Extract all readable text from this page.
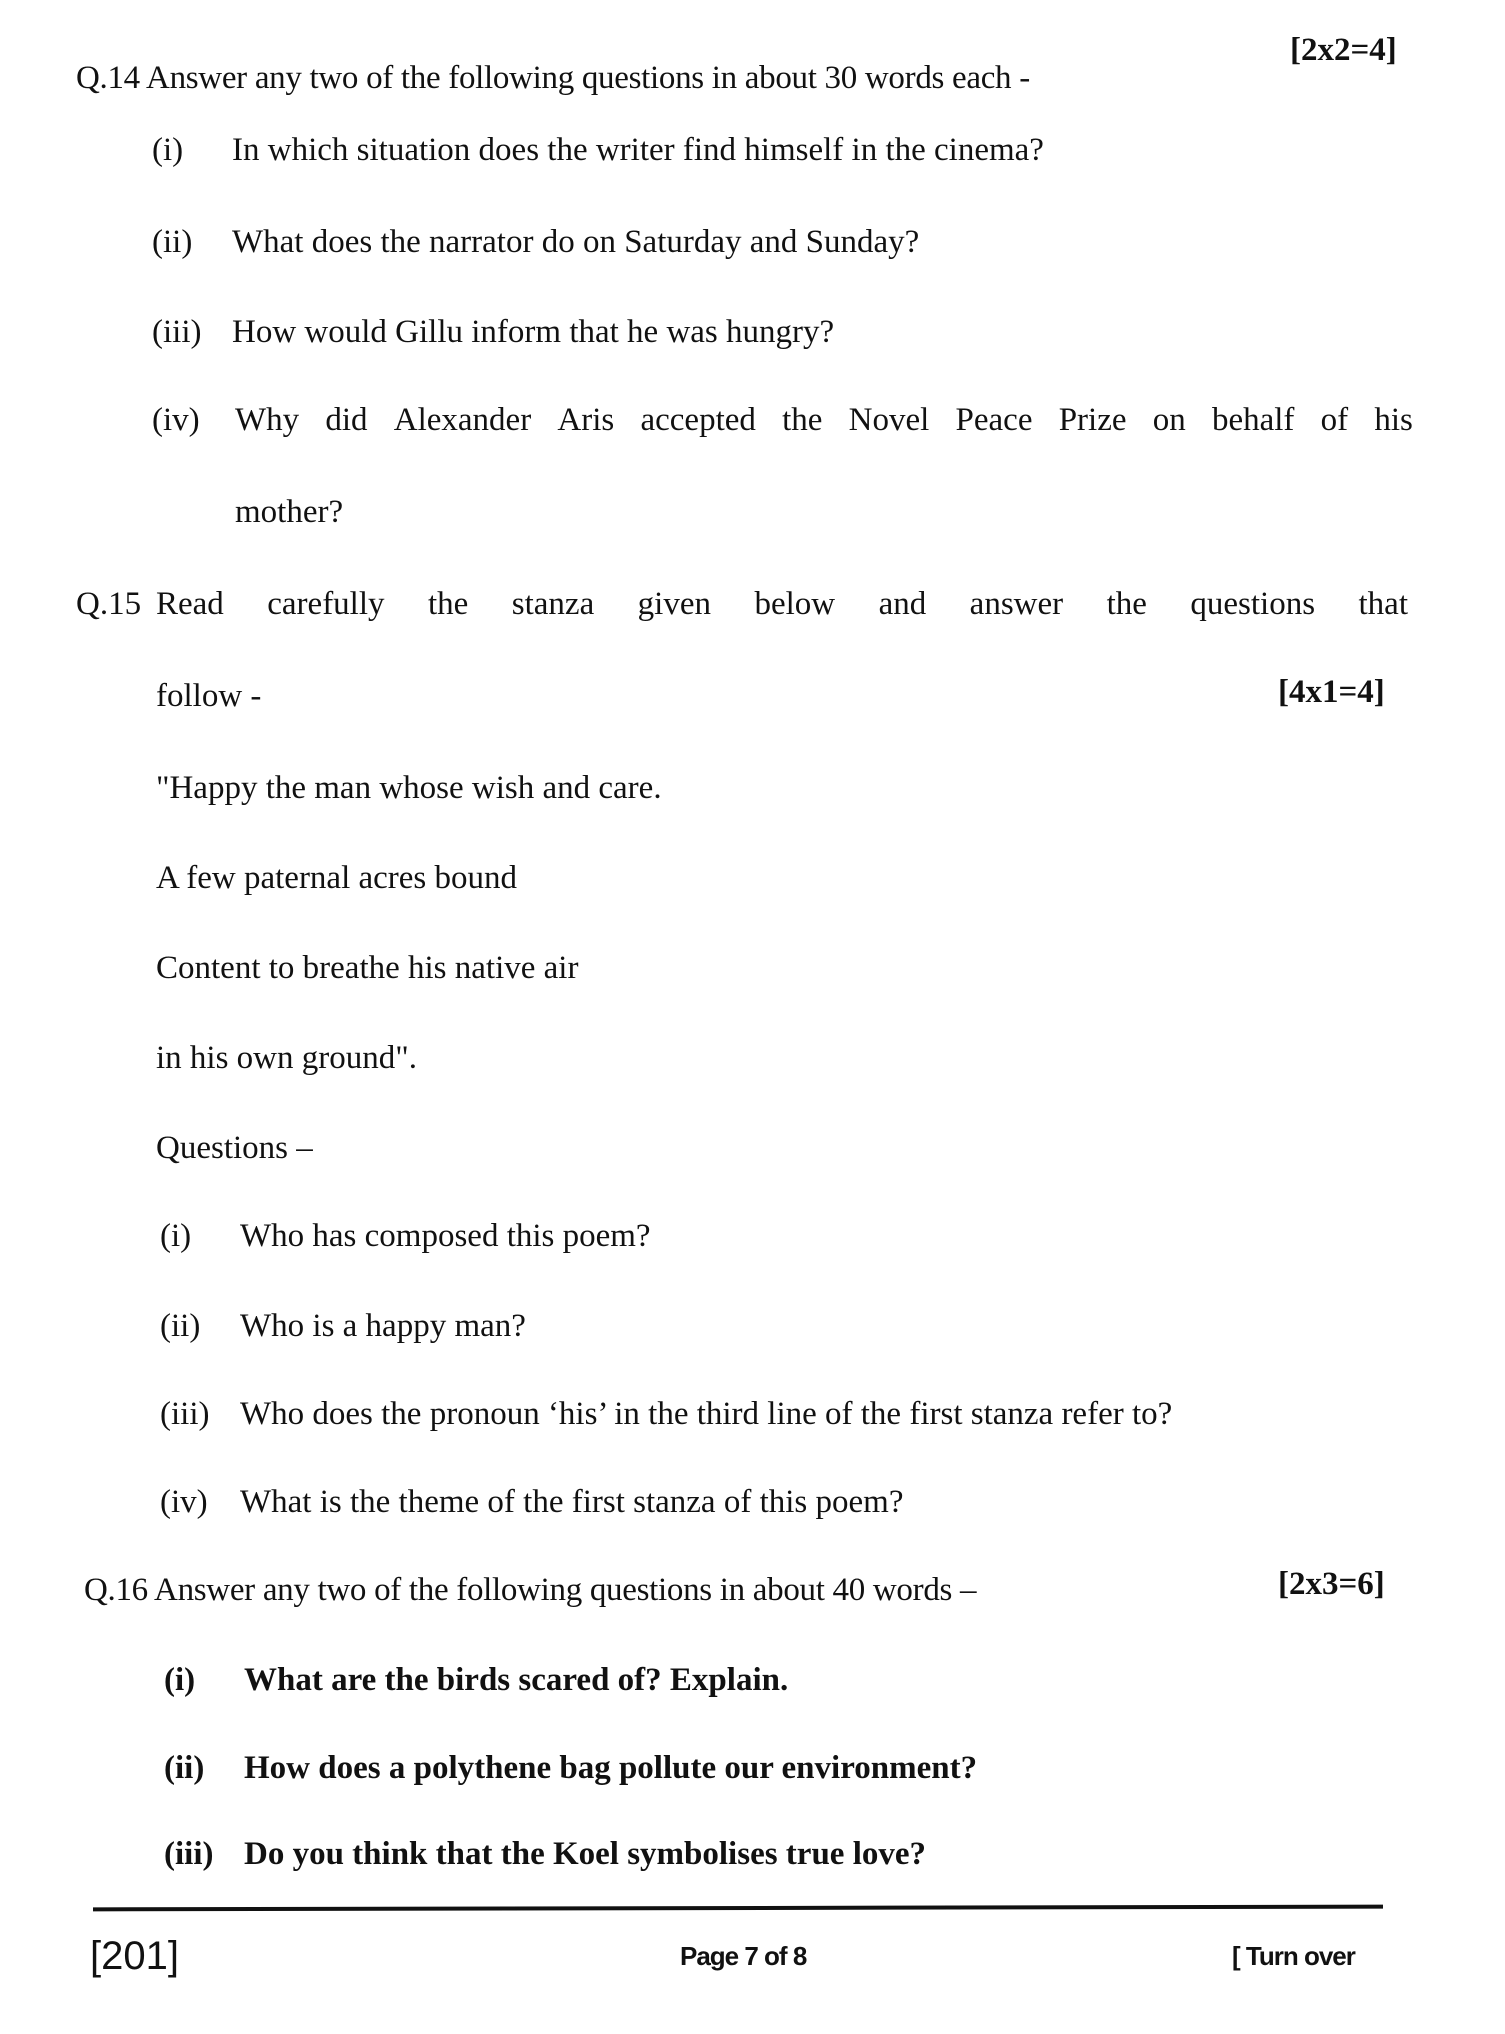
Q.14 Answer any two of the following questions in about 30 words each -
[2x2=4]
(i) In which situation does the writer find himself in the cinema?
(ii) What does the narrator do on Saturday and Sunday?
(iii) How would Gillu inform that he was hungry?
(iv)	Why did Alexander Aris accepted the Novel Peace Prize on behalf of his
mother?
Q.15 Read carefully the stanza given below and answer the questions that
follow -	[4x1=4]
"Happy the man whose wish and care.
A few paternal acres bound
Content to breathe his native air
in his own ground".
Questions –
(i) Who has composed this poem?
(ii) Who is a happy man?
(iii) Who does the pronoun ‘his’ in the third line of the first stanza refer to?
(iv) What is the theme of the first stanza of this poem?
Q.16 Answer any two of the following questions in about 40 words –	[2x3=6]
(i) What are the birds scared of? Explain.
(ii) How does a polythene bag pollute our environment?
(iii) Do you think that the Koel symbolises true love?
[201]	Page 7 of 8	[ Turn over
